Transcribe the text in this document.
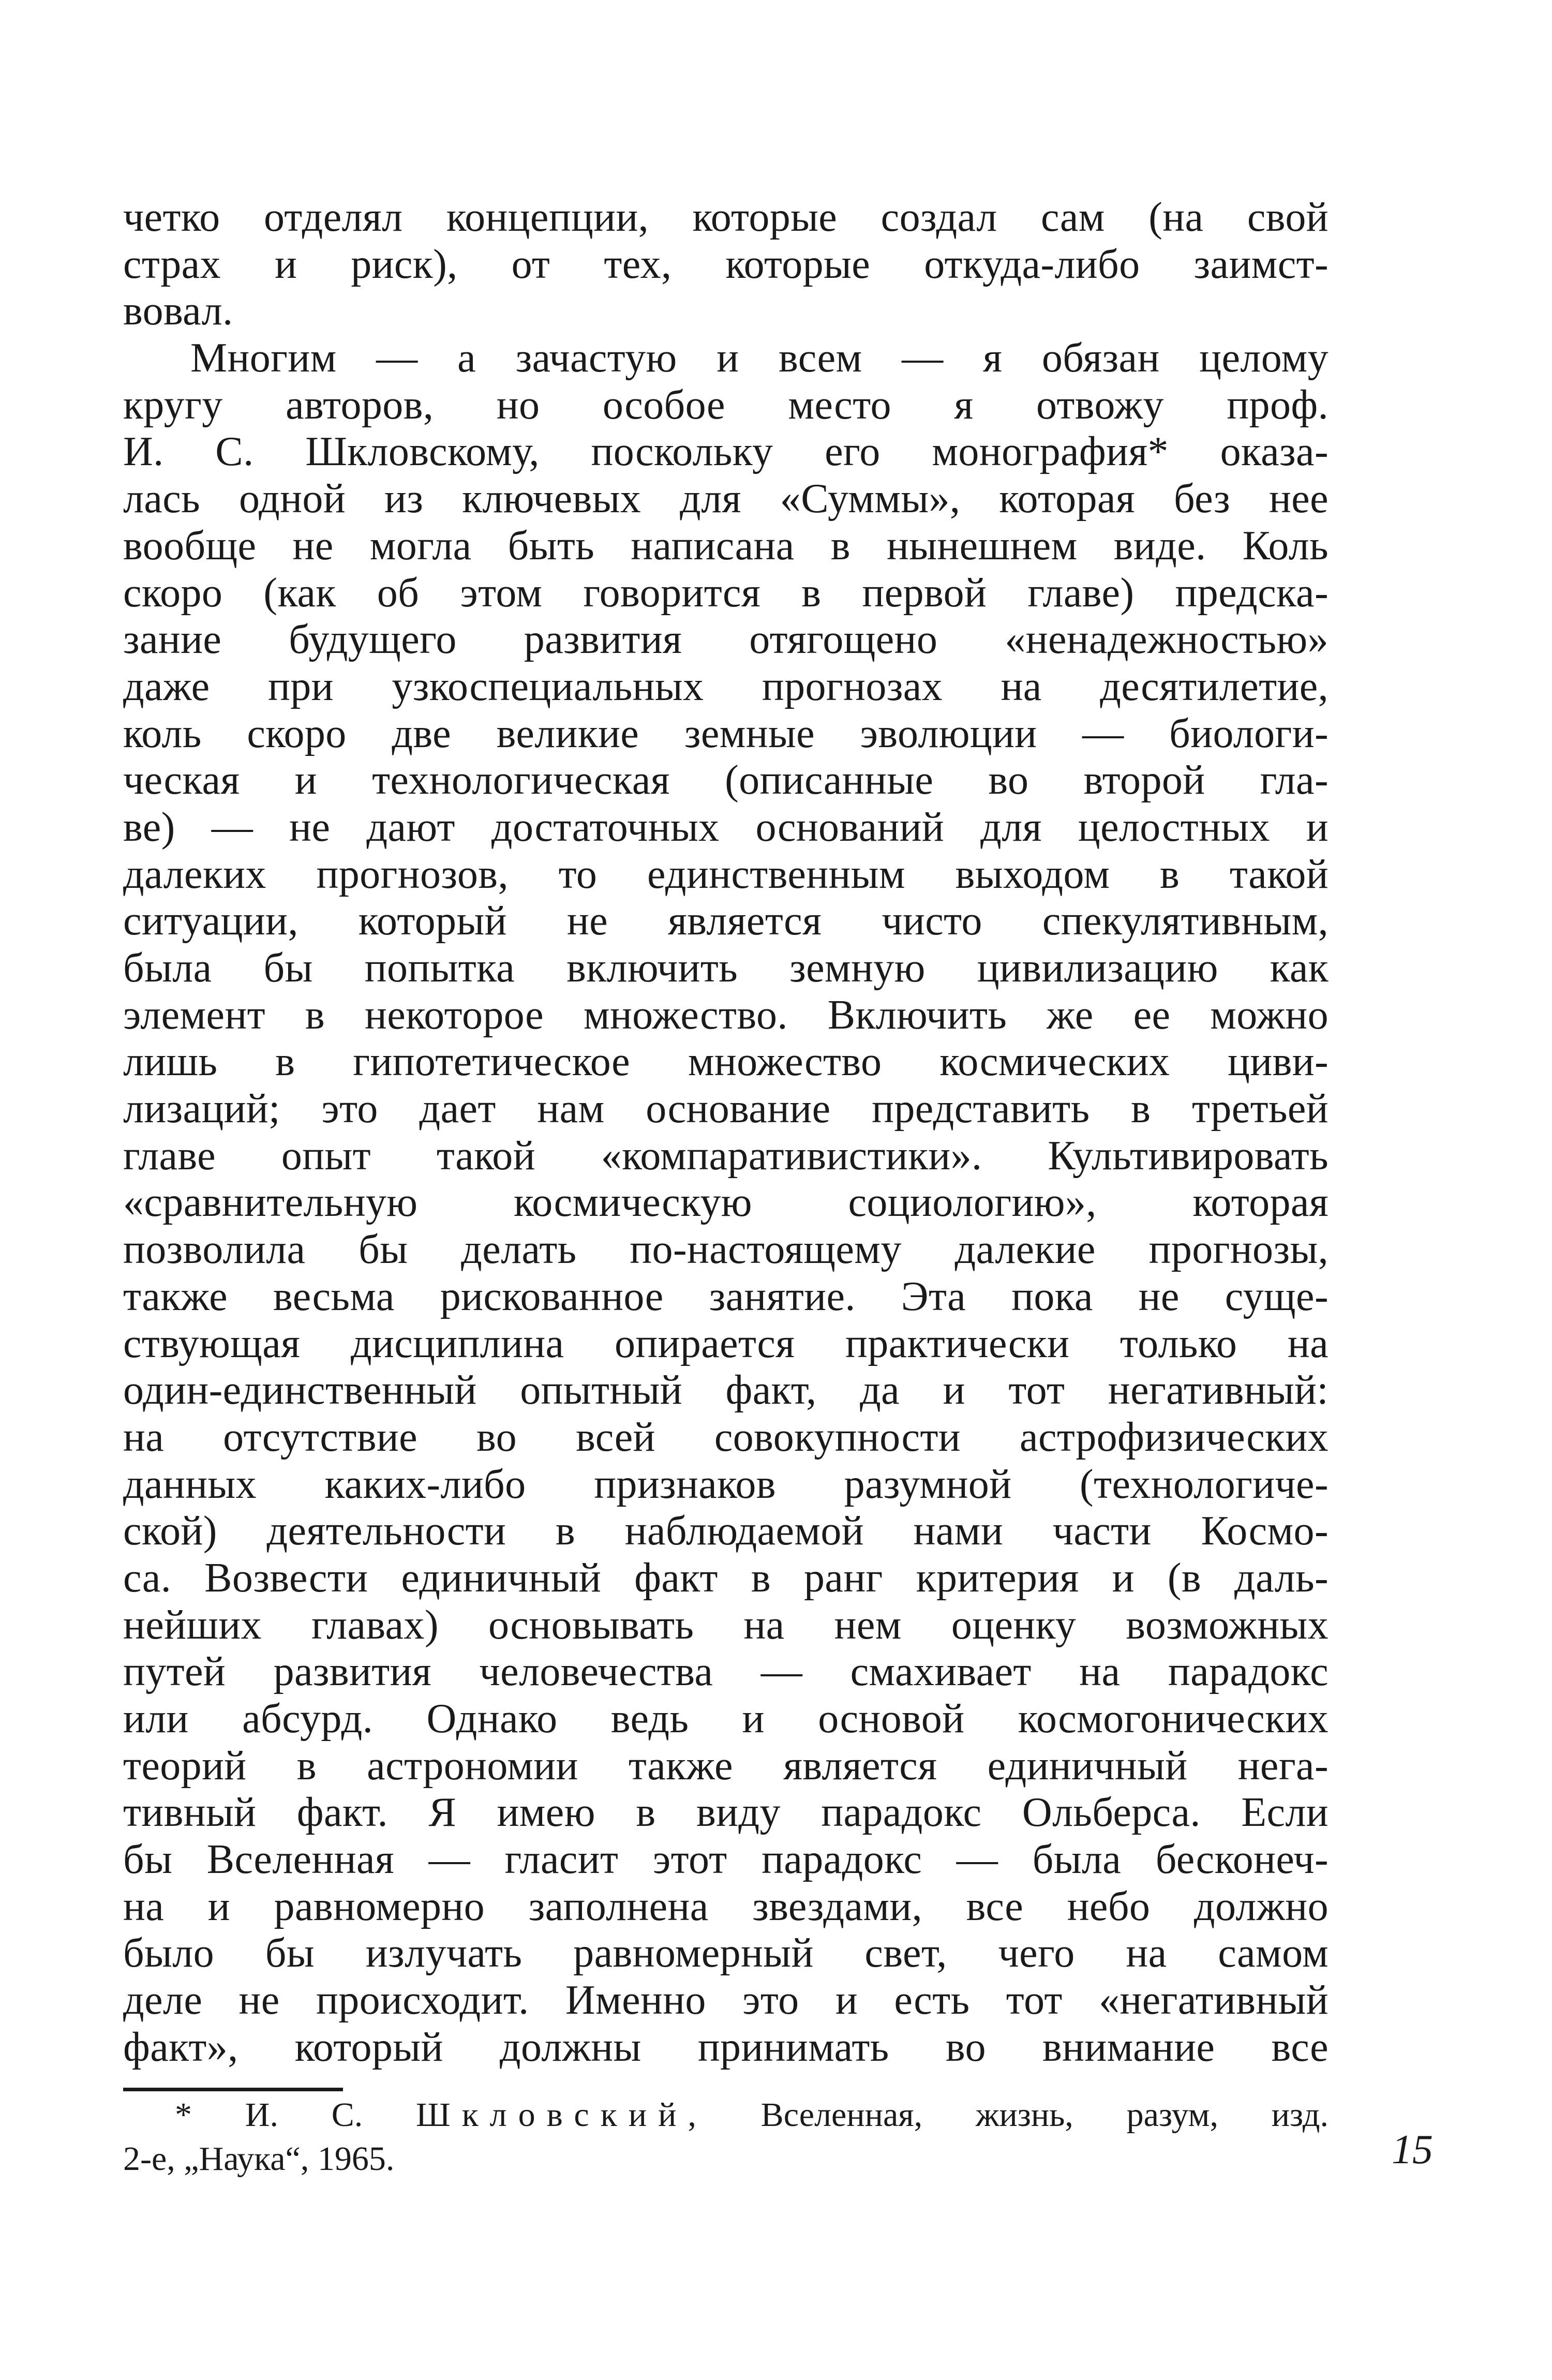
четко отделял концепции, которые создал сам (на свой
страх и риск), от тех, которые откуда-либо заимст-
вовал.
Многим — а зачастую и всем — я обязан целому
кругу авторов, но особое место я отвожу проф.
И. С. Шкловскому, поскольку его монография* оказа-
лась одной из ключевых для «Суммы», которая без нее
вообще не могла быть написана в нынешнем виде. Коль
скоро (как об этом говорится в первой главе) предска-
зание будущего развития отягощено «ненадежностью»
даже при узкоспециальных прогнозах на десятилетие,
коль скоро две великие земные эволюции — биологи-
ческая и технологическая (описанные во второй гла-
ве) — не дают достаточных оснований для целостных и
далеких прогнозов, то единственным выходом в такой
ситуации, который не является чисто спекулятивным,
была бы попытка включить земную цивилизацию как
элемент в некоторое множество. Включить же ее можно
лишь в гипотетическое множество космических циви-
лизаций; это дает нам основание представить в третьей
главе опыт такой «компаративистики». Культивировать
«сравнительную космическую социологию», которая
позволила бы делать по-настоящему далекие прогнозы,
также весьма рискованное занятие. Эта пока не суще-
ствующая дисциплина опирается практически только на
один-единственный опытный факт, да и тот негативный:
на отсутствие во всей совокупности астрофизических
данных каких-либо признаков разумной (технологиче-
ской) деятельности в наблюдаемой нами части Космо-
са. Возвести единичный факт в ранг критерия и (в даль-
нейших главах) основывать на нем оценку возможных
путей развития человечества — смахивает на парадокс
или абсурд. Однако ведь и основой космогонических
теорий в астрономии также является единичный нега-
тивный факт. Я имею в виду парадокс Ольберса. Если
бы Вселенная — гласит этот парадокс — была бесконеч-
на и равномерно заполнена звездами, все небо должно
было бы излучать равномерный свет, чего на самом
деле не происходит. Именно это и есть тот «негативный
факт», который должны принимать во внимание все
* И. С. Шкловский, Вселенная, жизнь, разум, изд.
2-е, „Наука“, 1965.	15
